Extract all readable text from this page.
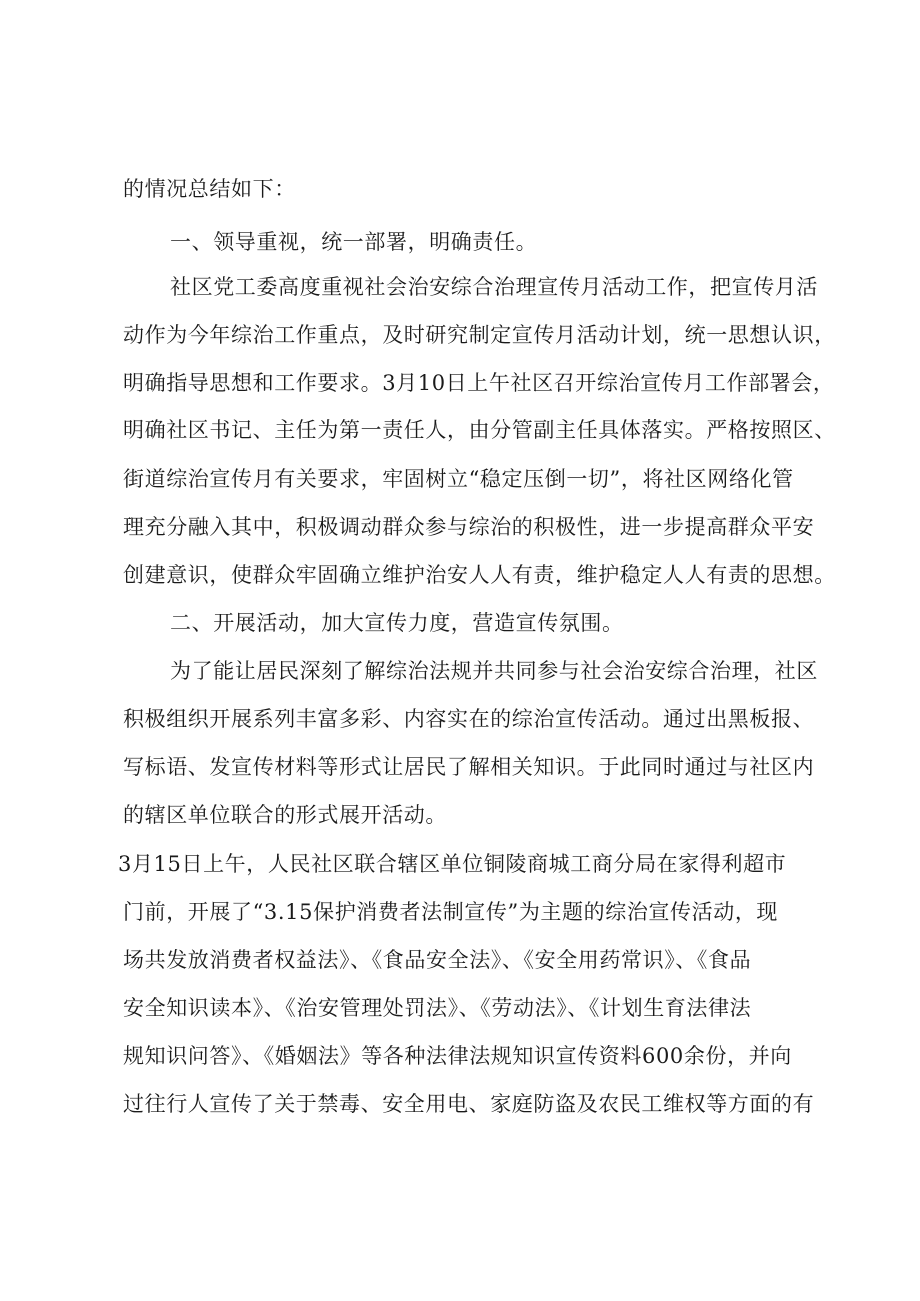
的情况总结如下：
一、领导重视，统一部署，明确责任。
社区党工委高度重视社会治安综合治理宣传月活动工作，把宣传月活
动作为今年综治工作重点，及时研究制定宣传月活动计划，统一思想认识，
明确指导思想和工作要求。3月10日上午社区召开综治宣传月工作部署会，
明确社区书记、主任为第一责任人，由分管副主任具体落实。严格按照区、
街道综治宣传月有关要求，牢固树立“稳定压倒一切”，将社区网络化管
理充分融入其中，积极调动群众参与综治的积极性，进一步提高群众平安
创建意识，使群众牢固确立维护治安人人有责，维护稳定人人有责的思想。
二、开展活动，加大宣传力度，营造宣传氛围。
为了能让居民深刻了解综治法规并共同参与社会治安综合治理，社区
积极组织开展系列丰富多彩、内容实在的综治宣传活动。通过出黑板报、
写标语、发宣传材料等形式让居民了解相关知识。于此同时通过与社区内
的辖区单位联合的形式展开活动。
3月15日上午，人民社区联合辖区单位铜陵商城工商分局在家得利超市
门前，开展了“3.15保护消费者法制宣传”为主题的综治宣传活动，现
场共发放消费者权益法》、《食品安全法》、《安全用药常识》、《食品
安全知识读本》、《治安管理处罚法》、《劳动法》、《计划生育法律法
规知识问答》、《婚姻法》等各种法律法规知识宣传资料600余份，并向
过往行人宣传了关于禁毒、安全用电、家庭防盗及农民工维权等方面的有
